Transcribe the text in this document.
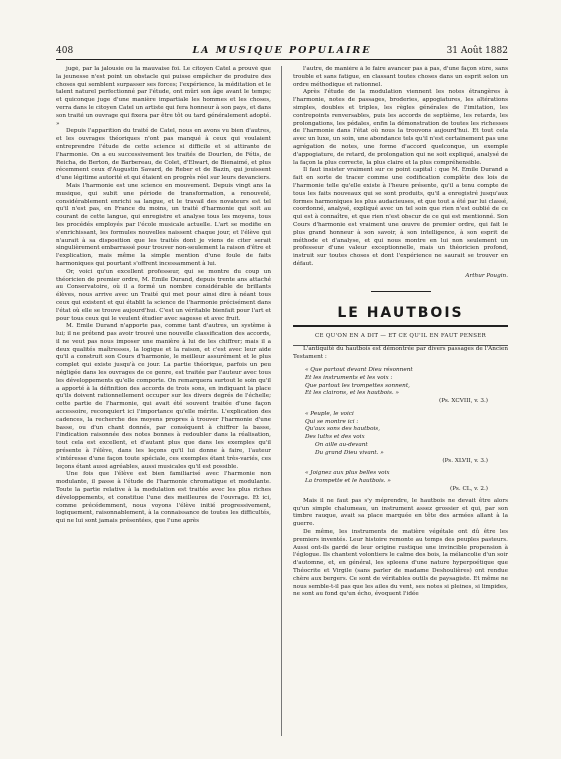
408	LA MUSIQUE POPULAIRE	31 Août 1882

jugé, par la jalousie ou la mauvaise foi. Le citoyen Catel a prouvé que la jeunesse n'est point un obstacle qui puisse empêcher de produire des choses qui semblent surpasser ses forces; l'expérience, la méditation et le talent naturel perfectionné par l'étude, ont mûri son âge avant le temps; et quiconque juge d'une manière impartiale les hommes et les choses, verra dans le citoyen Catel un artiste qui fera honneur à son pays, et dans son traité un ouvrage qui fixera par être tôt ou tard généralement adopté. »

Depuis l'apparition du traité de Catel, nous en avons vu bien d'autres, et les ouvrages théoriques n'ont pas manqué à ceux qui voulaient entreprendre l'étude de cette science si difficile et si attirante de l'harmonie. On a eu successivement les traités de Dourlen, de Fétis, de Reicha, de Berton, de Barbereau, de Colet, d'Elwart, de Bienaimé, et plus récemment ceux d'Augustin Savard, de Reber et de Bazin, qui jouissent d'une légitime autorité et qui étaient en progrès réel sur leurs devanciers.

Mais l'harmonie est une science en mouvement. Depuis vingt ans la musique, qui subit une période de transformation, a renouvelé, considérablement enrichi sa langue, et le travail des novateurs est tel qu'il n'est pas, en France du moins, un traité d'harmonie qui soit au courant de cette langue, qui enregistre et analyse tous les moyens, tous les procédés employés par l'école musicale actuelle. L'art se modifie en s'enrichissant, les formules nouvelles naissent chaque jour, et l'élève qui n'aurait à sa disposition que les traités dont je viens de citer serait singulièrement embarrassé pour trouver non-seulement la raison d'être et l'explication, mais même la simple mention d'une foule de faits harmoniques qui pourtant s'offrent incessamment à lui.

Or, voici qu'un excellent professeur, qui se montre du coup un théoricien de premier ordre, M. Emile Durand, depuis trente ans attaché au Conservatoire, où il a formé un nombre considérable de brillants élèves, nous arrive avec un Traité qui met pour ainsi dire à néant tous ceux qui existent et qui établit la science de l'harmonie précisément dans l'état où elle se trouve aujourd'hui. C'est un véritable bienfait pour l'art et pour tous ceux qui le veulent étudier avec sagesse et avec fruit.

M. Emile Durand n'apporte pas, comme tant d'autres, un système à lui; il ne prétend pas avoir trouvé une nouvelle classification des accords, il ne veut pas nous imposer une manière à lui de les chiffrer; mais il a deux qualités maîtresses, la logique et la raison, et c'est avec leur aide qu'il a construit son Cours d'harmonie, le meilleur assurément et le plus complet qui existe jusqu'à ce jour. La partie théorique, parfois un peu négligée dans les ouvrages de ce genre, est traitée par l'auteur avec tous les développements qu'elle comporte. On remarquera surtout le soin qu'il a apporté à la définition des accords de trois sons, en indiquant la place qu'ils doivent rationnellement occuper sur les divers degrés de l'échelle; cette partie de l'harmonie, qui avait été souvent traitée d'une façon accessoire, reconquiert ici l'importance qu'elle mérite. L'explication des cadences, la recherche des moyens propres à trouver l'harmonie d'une basse, ou d'un chant donnés, par conséquent à chiffrer la basse, l'indication raisonnée des notes bonnes à redoubler dans la réalisation, tout cela est excellent, et d'autant plus que dans les exemples qu'il présente à l'élève, dans les leçons qu'il lui donne à faire, l'auteur s'intéresse d'une façon toute spéciale, ces exemples étant très-variés, ces leçons étant aussi agréables, aussi musicales qu'il est possible.

Une fois que l'élève est bien familiarisé avec l'harmonie non modulante, il passe à l'étude de l'harmonie chromatique et modulante. Toute la partie relative à la modulation est traitée avec les plus riches développements, et constitue l'une des meilleures de l'ouvrage. Et ici, comme précédemment, nous voyons l'élève initié progressivement, logiquement, raisonnablement, à la connaissance de toutes les difficultés, qui ne lui sont jamais présentées, que l'une après

l'autre, de manière à le faire avancer pas à pas, d'une façon sûre, sans trouble et sans fatigue, en classant toutes choses dans un esprit selon un ordre méthodique et rationnel.

Après l'étude de la modulation viennent les notes étrangères à l'harmonie, notes de passages, broderies, appogiatures, les altérations simples, doubles et triples, les règles générales de l'imitation, les contrepoints renversables, puis les accords de septième, les retards, les prolongations, les pédales, enfin la démonstration de toutes les richesses de l'harmonie dans l'état où nous la trouvons aujourd'hui. Et tout cela avec un luxe, un soin, une abondance tels qu'il n'est certainement pas une agrégation de notes, une forme d'accord quelconque, un exemple d'appogiature, de retard, de prolongation qui ne soit expliqué, analysé de la façon la plus correcte, la plus claire et la plus compréhensible.

Il faut insister vraiment sur ce point capital : que M. Emile Durand a fait en sorte de tracer comme une codification complète des lois de l'harmonie telle qu'elle existe à l'heure présente, qu'il a tenu compte de tous les faits nouveaux qui se sont produits, qu'il a enregistré jusqu'aux formes harmoniques les plus audacieuses, et que tout a été par lui classé, coordonné, analysé, expliqué avec un tel soin que rien n'est oublié de ce qui est à connaître, et que rien n'est obscur de ce qui est mentionné. Son Cours d'harmonie est vraiment une œuvre de premier ordre, qui fait le plus grand honneur à son savoir, à son intelligence, à son esprit de méthode et d'analyse, et qui nous montre en lui non seulement un professeur d'une valeur exceptionnelle, mais un théoricien profond, instruit sur toutes choses et dont l'expérience ne saurait se trouver en défaut.

Arthur Pougin.
LE HAUTBOIS
CE QU'ON EN A DIT — ET CE QU'IL EN FAUT PENSER

L'antiquité du hautbois est démontrée par divers passages de l'Ancien Testament :

« Que partout devant Dieu résonnent
Et les instruments et les voix :
Que partout les trompettes sonnent,
Et les clairons, et les hautbois. »
(Ps. XCVIII, v. 3.)
« Peuple, le voici
Qui se montre ici :
Qu'aux sons des hautbois,
Des luths et des voix
On aille au-devant
Du grand Dieu vivant. »
(Ps. XLVII, v. 3.)
« Joignez aux plus belles voix
La trompette et le hautbois. »
(Ps. CL, v. 2.)

Mais il ne faut pas s'y méprendre, le hautbois ne devait être alors qu'un simple chalumeau, un instrument assez grossier et qui, par son timbre rauque, avait sa place marquée en tête des armées allant à la guerre.

De même, les instruments de matière végétale ont dû être les premiers inventés. Leur histoire remonte au temps des peuples pasteurs. Aussi ont-ils gardé de leur origine rustique une invincible propension à l'églogue. Ils chantent volontiers le calme des bois, la mélancolie d'un soir d'automne, et, en général, les spleens d'une nature hyperpoétique que Théocrite et Virgile (sans parler de madame Deshoulières) ont rendue chère aux bergers. Ce sont de véritables outils de paysagiste. Et même ne nous semble-t-il pas que les ailes du vent, ses notes si pleines, si limpides, ne sont au fond qu'un écho, évoquent l'idée
